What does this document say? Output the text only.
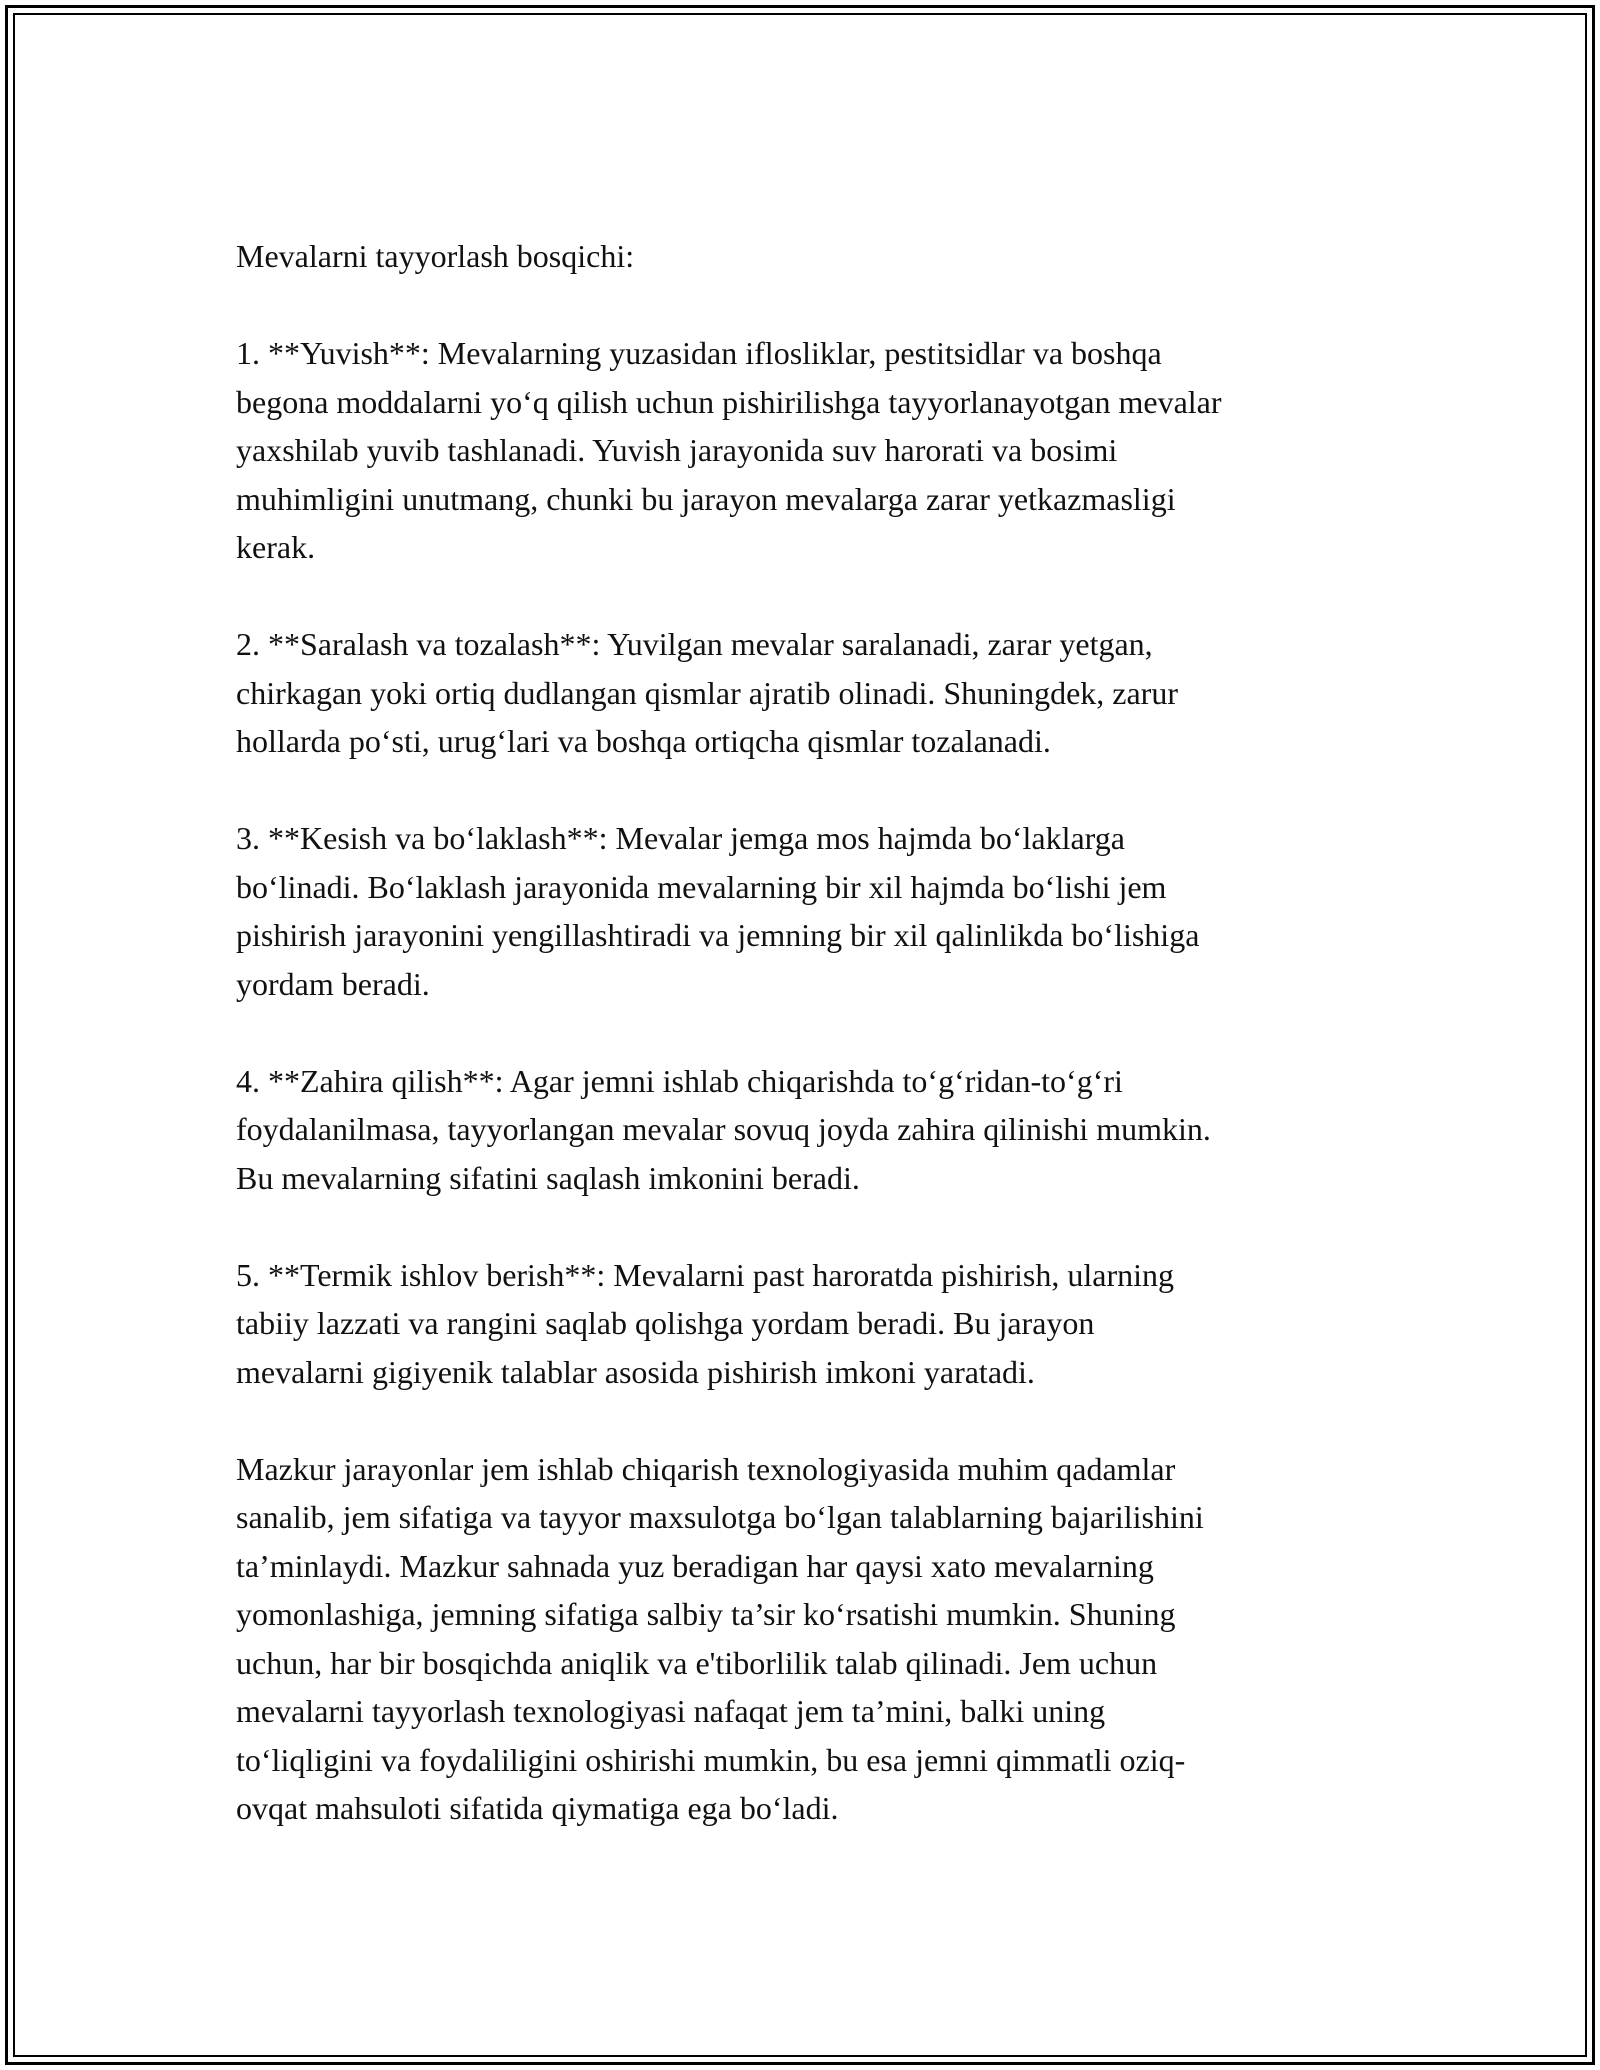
Mevalarni tayyorlash bosqichi:

1. **Yuvish**: Mevalarning yuzasidan iflosliklar, pestitsidlar va boshqa
begona moddalarni yo‘q qilish uchun pishirilishga tayyorlanayotgan mevalar
yaxshilab yuvib tashlanadi. Yuvish jarayonida suv harorati va bosimi
muhimligini unutmang, chunki bu jarayon mevalarga zarar yetkazmasligi
kerak.

2. **Saralash va tozalash**: Yuvilgan mevalar saralanadi, zarar yetgan,
chirkagan yoki ortiq dudlangan qismlar ajratib olinadi. Shuningdek, zarur
hollarda po‘sti, urug‘lari va boshqa ortiqcha qismlar tozalanadi.

3. **Kesish va bo‘laklash**: Mevalar jemga mos hajmda bo‘laklarga
bo‘linadi. Bo‘laklash jarayonida mevalarning bir xil hajmda bo‘lishi jem
pishirish jarayonini yengillashtiradi va jemning bir xil qalinlikda bo‘lishiga
yordam beradi.

4. **Zahira qilish**: Agar jemni ishlab chiqarishda to‘g‘ridan-to‘g‘ri
foydalanilmasa, tayyorlangan mevalar sovuq joyda zahira qilinishi mumkin.
Bu mevalarning sifatini saqlash imkonini beradi.

5. **Termik ishlov berish**: Mevalarni past haroratda pishirish, ularning
tabiiy lazzati va rangini saqlab qolishga yordam beradi. Bu jarayon
mevalarni gigiyenik talablar asosida pishirish imkoni yaratadi.

Mazkur jarayonlar jem ishlab chiqarish texnologiyasida muhim qadamlar
sanalib, jem sifatiga va tayyor maxsulotga bo‘lgan talablarning bajarilishini
ta’minlaydi. Mazkur sahnada yuz beradigan har qaysi xato mevalarning
yomonlashiga, jemning sifatiga salbiy ta’sir ko‘rsatishi mumkin. Shuning
uchun, har bir bosqichda aniqlik va e'tiborlilik talab qilinadi. Jem uchun
mevalarni tayyorlash texnologiyasi nafaqat jem ta’mini, balki uning
to‘liqligini va foydaliligini oshirishi mumkin, bu esa jemni qimmatli oziq-
ovqat mahsuloti sifatida qiymatiga ega bo‘ladi.
